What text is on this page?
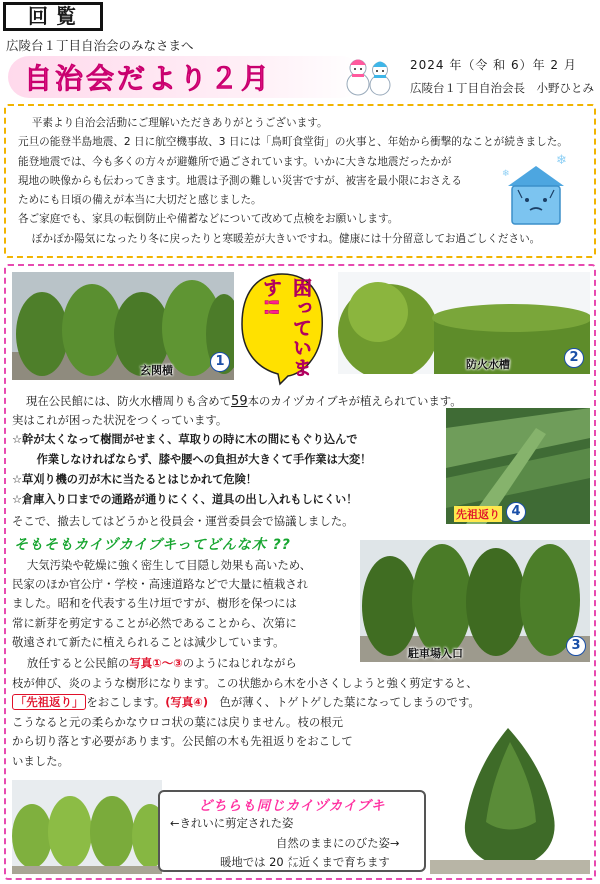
回覧
広陵台１丁目自治会のみなさまへ
自治会だより２月	2024 年（令 和 6）年 2 月
広陵台１丁目自治会長　小野ひとみ

平素より自治会活動にご理解いただきありがとうございます。

元旦の能登半島地震、2 日に航空機事故、3 日には「鳥町食堂街」の火事と、年始から衝撃的なことが続きました。

能登地震では、今も多くの方々が避難所で過ごされています。いかに大きな地震だったかが

現地の映像からも伝わってきます。地震は予測の難しい災害ですが、被害を最小限におさえる

ためにも日頃の備えが本当に大切だと感じました。

各ご家庭でも、家具の転倒防止や備蓄などについて改めて点検をお願いします。

ぽかぽか陽気になったり冬に戻ったりと寒暖差が大きいですね。健康には十分留意してお過ごしください。

❄
❄
玄関横
1	困っています!!
防火水槽	2
現在公民館には、防火水槽周りも含めて59本のカイヅカイブキが植えられています。
実はこれが困った状況をつくっています。
☆幹が太くなって樹間がせまく、草取りの時に木の間にもぐり込んで
作業しなければならず、膝や腰への負担が大きくて手作業は大変！
☆草刈り機の刃が木に当たるとはじかれて危険！
☆倉庫入り口までの通路が通りにくく、道具の出し入れもしにくい！
先祖返り 4
そこで、撤去してはどうかと役員会・運営委員会で協議しました。
そもそもカイヅカイブキってどんな木 ??
大気汚染や乾燥に強く密生して目隠し効果も高いため、
民家のほか官公庁・学校・高速道路などで大量に植栽され
ました。昭和を代表する生け垣ですが、樹形を保つには
常に新芽を剪定することが必然であることから、次第に
敬遠されて新たに植えられることは減少しています。
駐車場入口
3
放任すると公民館の写真①～③のようにねじれながら
枝が伸び、炎のような樹形になります。この状態から木を小さくしようと強く剪定すると、
「先祖返り」 をおこします。(写真④)　色が薄く、トゲトゲした葉になってしまうのです。
こうなると元の柔らかなウロコ状の葉には戻りません。枝の根元
から切り落とす必要があります。公民館の木も先祖返りをおこして
いました。
どちらも同じカイヅカイブキ
←きれいに剪定された姿
自然のままにのびた姿→
暖地では 20 ㍍近くまで育ちます
